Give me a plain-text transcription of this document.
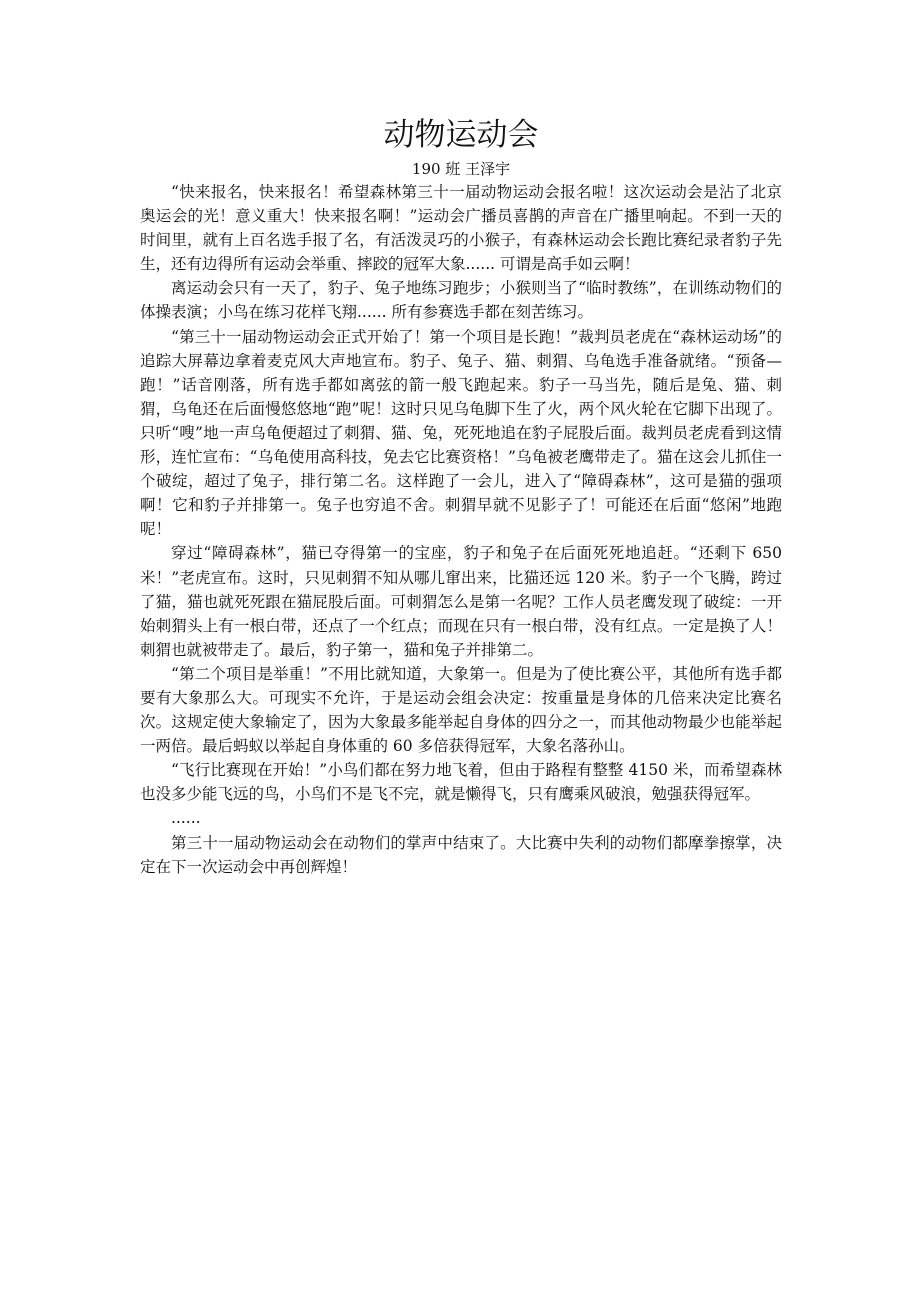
动物运动会

190 班 王泽宇

“快来报名，快来报名！希望森林第三十一届动物运动会报名啦！这次运动会是沾了北京奥运会的光！意义重大！快来报名啊！”运动会广播员喜鹊的声音在广播里响起。不到一天的时间里，就有上百名选手报了名，有活泼灵巧的小猴子，有森林运动会长跑比赛纪录者豹子先生，还有边得所有运动会举重、摔跤的冠军大象...... 可谓是高手如云啊！

离运动会只有一天了，豹子、兔子地练习跑步；小猴则当了“临时教练”，在训练动物们的体操表演；小鸟在练习花样飞翔...... 所有参赛选手都在刻苦练习。

“第三十一届动物运动会正式开始了！第一个项目是长跑！”裁判员老虎在“森林运动场”的追踪大屏幕边拿着麦克风大声地宣布。豹子、兔子、猫、刺猬、乌龟选手准备就绪。“预备—跑！”话音刚落，所有选手都如离弦的箭一般飞跑起来。豹子一马当先，随后是兔、猫、刺猬，乌龟还在后面慢悠悠地“跑”呢！这时只见乌龟脚下生了火，两个风火轮在它脚下出现了。只听“嗖”地一声乌龟便超过了刺猬、猫、兔，死死地追在豹子屁股后面。裁判员老虎看到这情形，连忙宣布：“乌龟使用高科技，免去它比赛资格！”乌龟被老鹰带走了。猫在这会儿抓住一个破绽，超过了兔子，排行第二名。这样跑了一会儿，进入了“障碍森林”，这可是猫的强项啊！它和豹子并排第一。兔子也穷追不舍。刺猬早就不见影子了！可能还在后面“悠闲”地跑呢！

穿过“障碍森林”，猫已夺得第一的宝座，豹子和兔子在后面死死地追赶。“还剩下 650 米！”老虎宣布。这时，只见刺猬不知从哪儿窜出来，比猫还远 120 米。豹子一个飞腾，跨过了猫，猫也就死死跟在猫屁股后面。可刺猬怎么是第一名呢？工作人员老鹰发现了破绽：一开始刺猬头上有一根白带，还点了一个红点；而现在只有一根白带，没有红点。一定是换了人！刺猬也就被带走了。最后，豹子第一，猫和兔子并排第二。

“第二个项目是举重！”不用比就知道，大象第一。但是为了使比赛公平，其他所有选手都要有大象那么大。可现实不允许，于是运动会组会决定：按重量是身体的几倍来决定比赛名次。这规定使大象输定了，因为大象最多能举起自身体的四分之一，而其他动物最少也能举起一两倍。最后蚂蚁以举起自身体重的 60 多倍获得冠军，大象名落孙山。

“飞行比赛现在开始！”小鸟们都在努力地飞着，但由于路程有整整 4150 米，而希望森林也没多少能飞远的鸟，小鸟们不是飞不完，就是懒得飞，只有鹰乘风破浪，勉强获得冠军。

......

第三十一届动物运动会在动物们的掌声中结束了。大比赛中失利的动物们都摩拳擦掌，决定在下一次运动会中再创辉煌！
